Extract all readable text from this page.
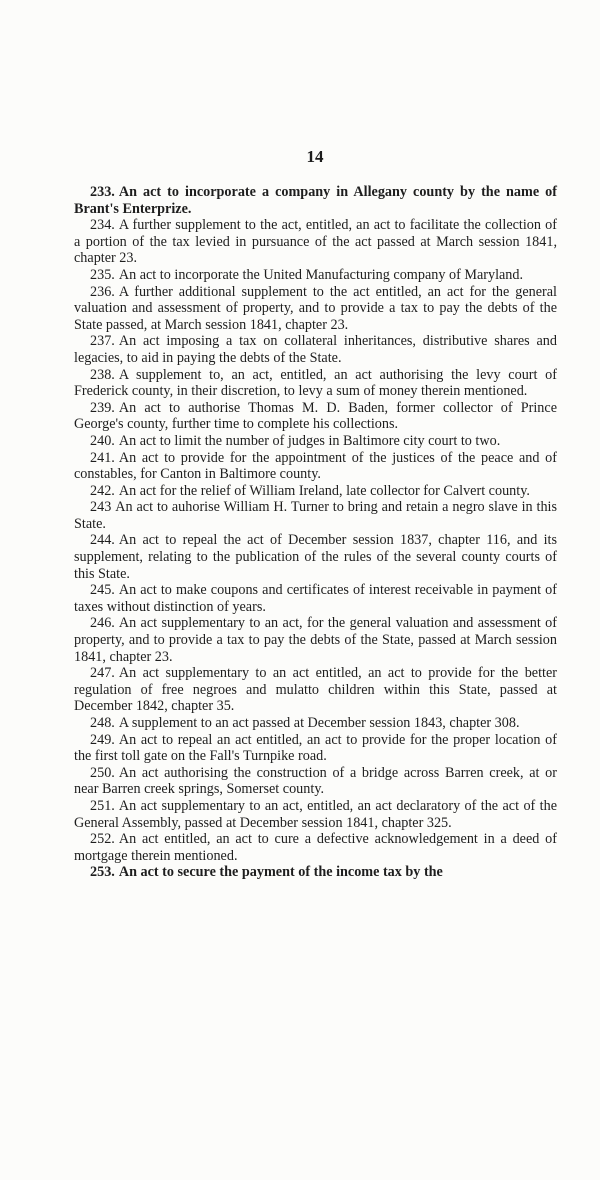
14

233. An act to incorporate a company in Allegany county by the name of Brant's Enterprize.

234. A further supplement to the act, entitled, an act to facilitate the collection of a portion of the tax levied in pursuance of the act passed at March session 1841, chapter 23.

235. An act to incorporate the United Manufacturing company of Maryland.

236. A further additional supplement to the act entitled, an act for the general valuation and assessment of property, and to provide a tax to pay the debts of the State passed, at March session 1841, chapter 23.

237. An act imposing a tax on collateral inheritances, distributive shares and legacies, to aid in paying the debts of the State.

238. A supplement to, an act, entitled, an act authorising the levy court of Frederick county, in their discretion, to levy a sum of money therein mentioned.

239. An act to authorise Thomas M. D. Baden, former collector of Prince George's county, further time to complete his collections.

240. An act to limit the number of judges in Baltimore city court to two.

241. An act to provide for the appointment of the justices of the peace and of constables, for Canton in Baltimore county.

242. An act for the relief of William Ireland, late collector for Calvert county.

243 An act to auhorise William H. Turner to bring and retain a negro slave in this State.

244. An act to repeal the act of December session 1837, chapter 116, and its supplement, relating to the publication of the rules of the several county courts of this State.

245. An act to make coupons and certificates of interest receivable in payment of taxes without distinction of years.

246. An act supplementary to an act, for the general valuation and assessment of property, and to provide a tax to pay the debts of the State, passed at March session 1841, chapter 23.

247. An act supplementary to an act entitled, an act to provide for the better regulation of free negroes and mulatto children within this State, passed at December 1842, chapter 35.

248. A supplement to an act passed at December session 1843, chapter 308.

249. An act to repeal an act entitled, an act to provide for the proper location of the first toll gate on the Fall's Turnpike road.

250. An act authorising the construction of a bridge across Barren creek, at or near Barren creek springs, Somerset county.

251. An act supplementary to an act, entitled, an act declaratory of the act of the General Assembly, passed at December session 1841, chapter 325.

252. An act entitled, an act to cure a defective acknowledgement in a deed of mortgage therein mentioned.

253. An act to secure the payment of the income tax by the
